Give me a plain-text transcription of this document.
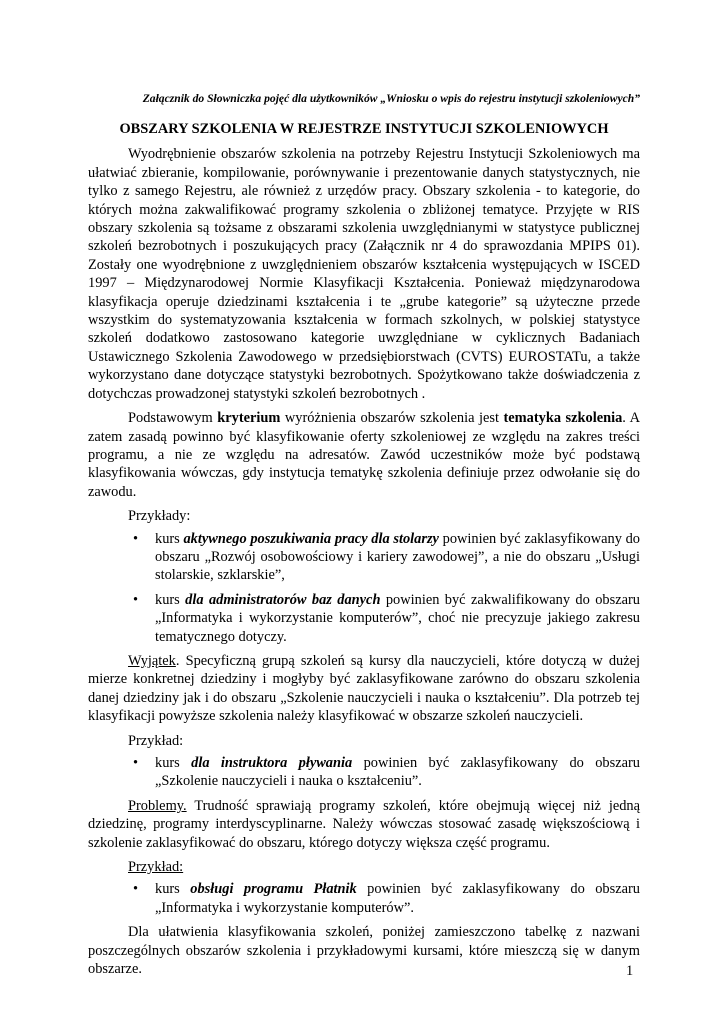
Załącznik do Słowniczka pojęć dla użytkowników „Wniosku o wpis do rejestru instytucji szkoleniowych”
OBSZARY SZKOLENIA W REJESTRZE INSTYTUCJI SZKOLENIOWYCH

Wyodrębnienie obszarów szkolenia na potrzeby Rejestru Instytucji Szkoleniowych ma ułatwiać zbieranie, kompilowanie, porównywanie i prezentowanie danych statystycznych, nie tylko z samego Rejestru, ale również z urzędów pracy. Obszary szkolenia - to kategorie, do których można zakwalifikować programy szkolenia o zbliżonej tematyce. Przyjęte w RIS obszary szkolenia są tożsame z obszarami szkolenia uwzględnianymi w statystyce publicznej szkoleń bezrobotnych i poszukujących pracy (Załącznik nr 4 do sprawozdania MPIPS 01). Zostały one wyodrębnione z uwzględnieniem obszarów kształcenia występujących w ISCED 1997 – Międzynarodowej Normie Klasyfikacji Kształcenia. Ponieważ międzynarodowa klasyfikacja operuje dziedzinami kształcenia i te „grube kategorie” są użyteczne przede wszystkim do systematyzowania kształcenia w formach szkolnych, w polskiej statystyce szkoleń dodatkowo zastosowano kategorie uwzględniane w cyklicznych Badaniach Ustawicznego Szkolenia Zawodowego w przedsiębiorstwach (CVTS) EUROSTATu, a także wykorzystano dane dotyczące statystyki bezrobotnych. Spożytkowano także doświadczenia z dotychczas prowadzonej statystyki szkoleń bezrobotnych .

Podstawowym kryterium wyróżnienia obszarów szkolenia jest tematyka szkolenia. A zatem zasadą powinno być klasyfikowanie oferty szkoleniowej ze względu na zakres treści programu, a nie ze względu na adresatów. Zawód uczestników może być podstawą klasyfikowania wówczas, gdy instytucja tematykę szkolenia definiuje przez odwołanie się do zawodu.

Przykłady:
• kurs aktywnego poszukiwania pracy dla stolarzy powinien być zaklasyfikowany do obszaru „Rozwój osobowościowy i kariery zawodowej”, a nie do obszaru „Usługi stolarskie, szklarskie”,
• kurs dla administratorów baz danych powinien być zakwalifikowany do obszaru „Informatyka i wykorzystanie komputerów”, choć nie precyzuje jakiego zakresu tematycznego dotyczy.

Wyjątek. Specyficzną grupą szkoleń są kursy dla nauczycieli, które dotyczą w dużej mierze konkretnej dziedziny i mogłyby być zaklasyfikowane zarówno do obszaru szkolenia danej dziedziny jak i do obszaru „Szkolenie nauczycieli i nauka o kształceniu”. Dla potrzeb tej klasyfikacji powyższe szkolenia należy klasyfikować w obszarze szkoleń nauczycieli.

Przykład:
• kurs dla instruktora pływania powinien być zaklasyfikowany do obszaru „Szkolenie nauczycieli i nauka o kształceniu”.

Problemy. Trudność sprawiają programy szkoleń, które obejmują więcej niż jedną dziedzinę, programy interdyscyplinarne. Należy wówczas stosować zasadę większościową i szkolenie zaklasyfikować do obszaru, którego dotyczy większa część programu.

Przykład:
• kurs obsługi programu Płatnik powinien być zaklasyfikowany do obszaru „Informatyka i wykorzystanie komputerów”.

Dla ułatwienia klasyfikowania szkoleń, poniżej zamieszczono tabelkę z nazwani poszczególnych obszarów szkolenia i przykładowymi kursami, które mieszczą się w danym obszarze.	1
